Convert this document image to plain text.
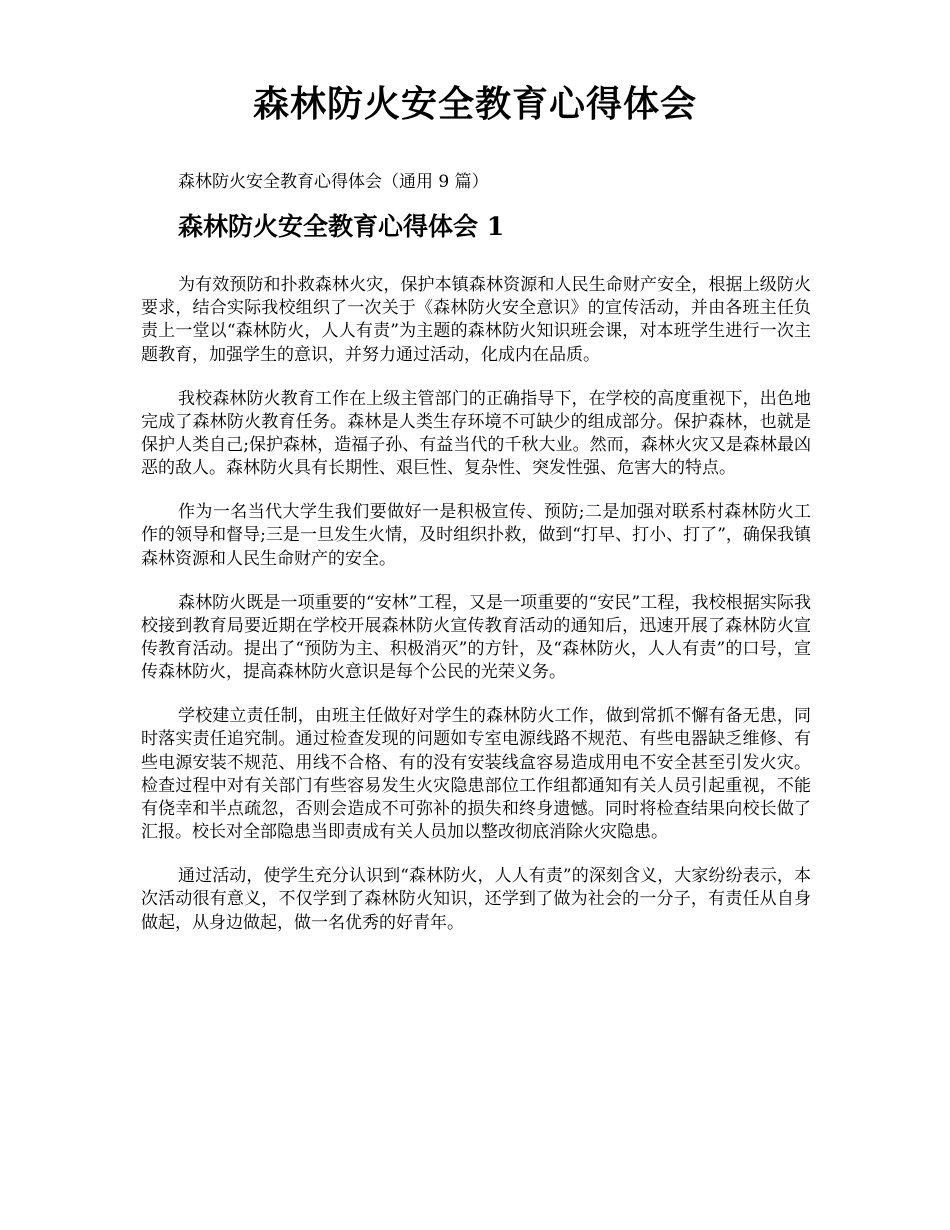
森林防火安全教育心得体会

森林防火安全教育心得体会（通用 9 篇）

森林防火安全教育心得体会 1

为有效预防和扑救森林火灾，保护本镇森林资源和人民生命财产安全，根据上级防火要求，结合实际我校组织了一次关于《森林防火安全意识》的宣传活动，并由各班主任负责上一堂以“森林防火，人人有责”为主题的森林防火知识班会课，对本班学生进行一次主题教育，加强学生的意识，并努力通过活动，化成内在品质。

我校森林防火教育工作在上级主管部门的正确指导下，在学校的高度重视下，出色地完成了森林防火教育任务。森林是人类生存环境不可缺少的组成部分。保护森林，也就是保护人类自己;保护森林，造福子孙、有益当代的千秋大业。然而，森林火灾又是森林最凶恶的敌人。森林防火具有长期性、艰巨性、复杂性、突发性强、危害大的特点。

作为一名当代大学生我们要做好一是积极宣传、预防;二是加强对联系村森林防火工作的领导和督导;三是一旦发生火情，及时组织扑救，做到“打早、打小、打了”，确保我镇森林资源和人民生命财产的安全。

森林防火既是一项重要的“安林”工程，又是一项重要的“安民”工程，我校根据实际我校接到教育局要近期在学校开展森林防火宣传教育活动的通知后，迅速开展了森林防火宣传教育活动。提出了“预防为主、积极消灭”的方针，及“森林防火，人人有责”的口号，宣传森林防火，提高森林防火意识是每个公民的光荣义务。

学校建立责任制，由班主任做好对学生的森林防火工作，做到常抓不懈有备无患，同时落实责任追究制。通过检查发现的问题如专室电源线路不规范、有些电器缺乏维修、有些电源安装不规范、用线不合格、有的没有安装线盒容易造成用电不安全甚至引发火灾。检查过程中对有关部门有些容易发生火灾隐患部位工作组都通知有关人员引起重视，不能有侥幸和半点疏忽，否则会造成不可弥补的损失和终身遗憾。同时将检查结果向校长做了汇报。校长对全部隐患当即责成有关人员加以整改彻底消除火灾隐患。

通过活动，使学生充分认识到“森林防火，人人有责”的深刻含义，大家纷纷表示，本次活动很有意义，不仅学到了森林防火知识，还学到了做为社会的一分子，有责任从自身做起，从身边做起，做一名优秀的好青年。
